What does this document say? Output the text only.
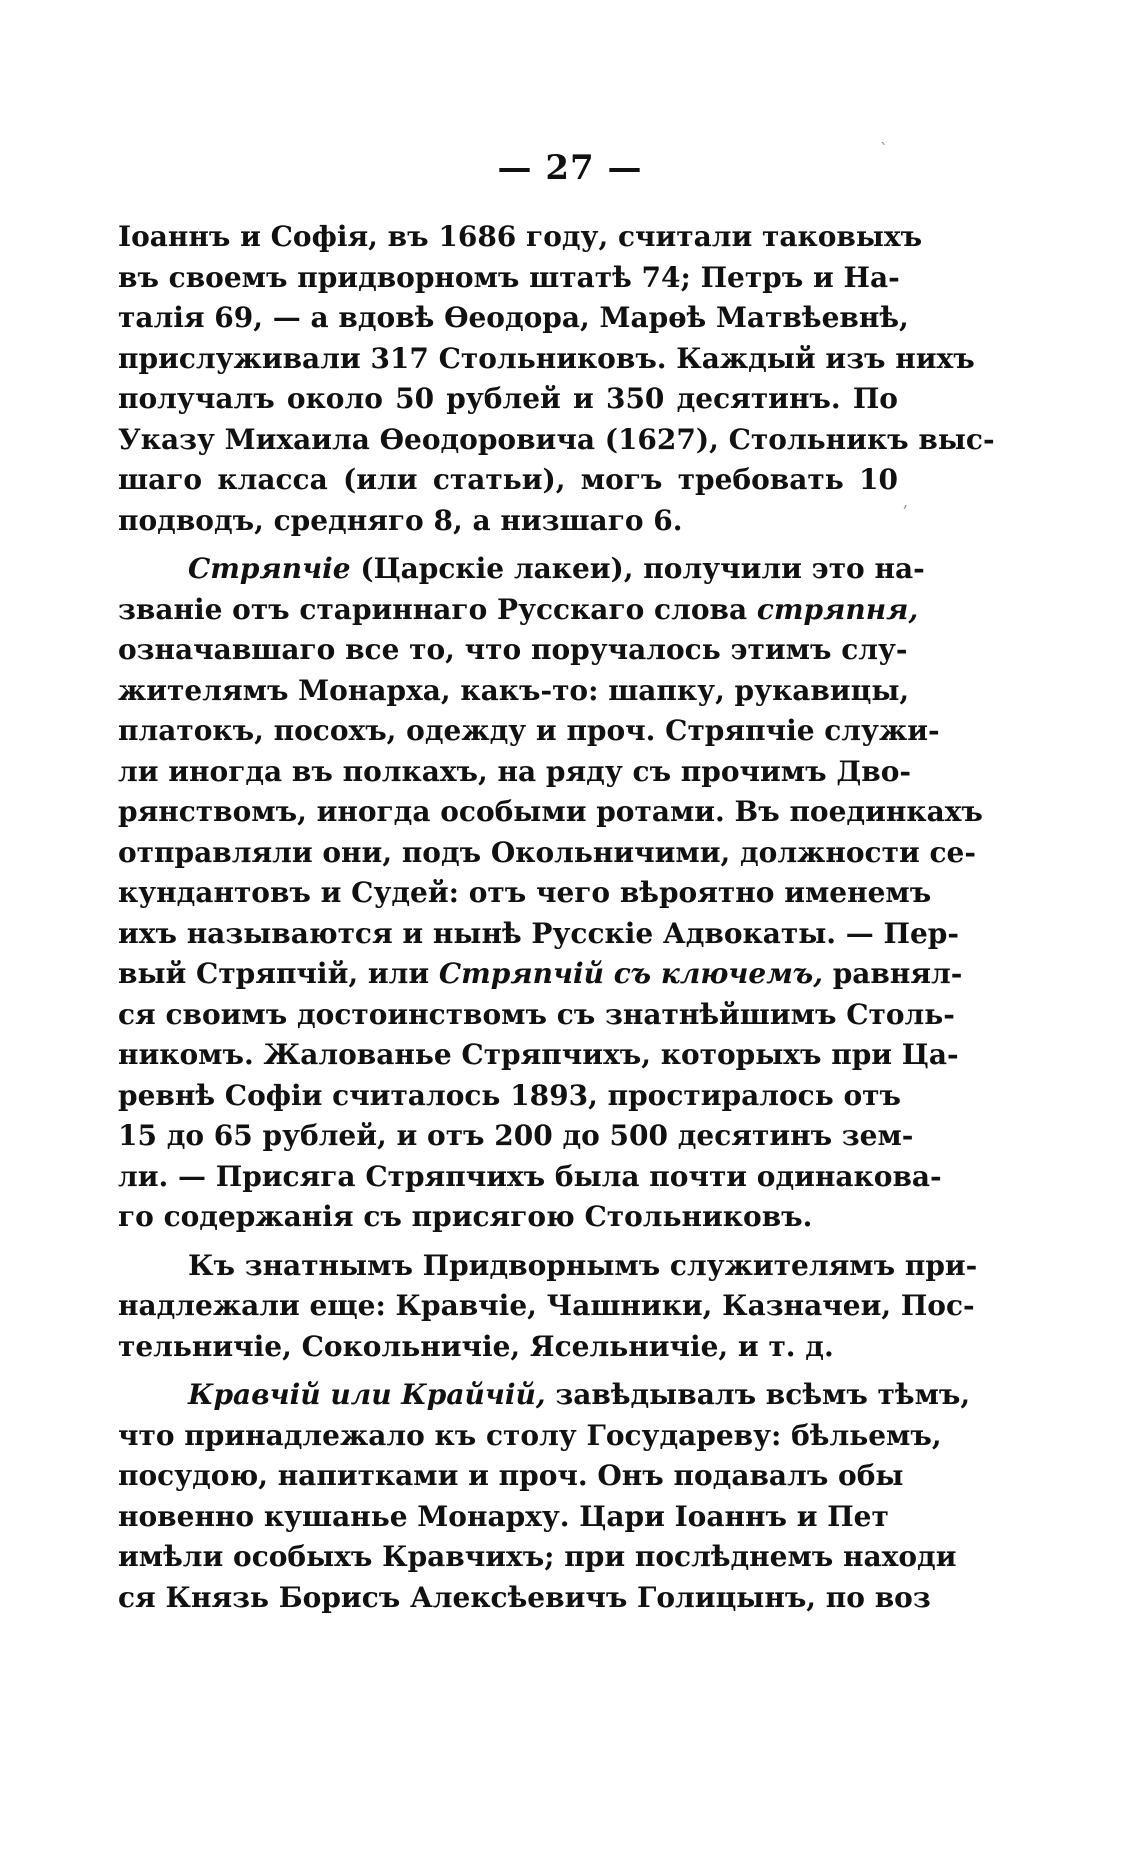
— 27 —
Іоаннъ и Софія, въ 1686 году, считали таковыхъ
въ своемъ придворномъ штатѣ 74; Петръ и На-
талія 69, — а вдовѣ Ѳеодора, Марѳѣ Матвѣевнѣ,
прислуживали 317 Стольниковъ. Каждый изъ нихъ
получалъ около 50 рублей и 350 десятинъ. По
Указу Михаила Ѳеодоровича (1627), Стольникъ выс-
шаго класса (или статьи), могъ требовать 10
подводъ, средняго 8, а низшаго 6.
Стряпчіе (Царскіе лакеи), получили это на-
званіе отъ стариннаго Русскаго слова стряпня,
означавшаго все то, что поручалось этимъ слу-
жителямъ Монарха, какъ-то: шапку, рукавицы,
платокъ, посохъ, одежду и проч. Стряпчіе служи-
ли иногда въ полкахъ, на ряду съ прочимъ Дво-
рянствомъ, иногда особыми ротами. Въ поединкахъ
отправляли они, подъ Окольничими, должности се-
кундантовъ и Судей: отъ чего вѣроятно именемъ
ихъ называются и нынѣ Русскіе Адвокаты. — Пер-
вый Стряпчій, или Стряпчій съ ключемъ, равнял-
ся своимъ достоинствомъ съ знатнѣйшимъ Столь-
никомъ. Жалованье Стряпчихъ, которыхъ при Ца-
ревнѣ Софіи считалось 1893, простиралось отъ
15 до 65 рублей, и отъ 200 до 500 десятинъ зем-
ли. — Присяга Стряпчихъ была почти одинакова-
го содержанія съ присягою Стольниковъ.
Къ знатнымъ Придворнымъ служителямъ при-
надлежали еще: Кравчіе, Чашники, Казначеи, Пос-
тельничіе, Сокольничіе, Ясельничіе, и т. д.
Кравчій или Крайчій, завѣдывалъ всѣмъ тѣмъ,
что принадлежало къ столу Государеву: бѣльемъ,
посудою, напитками и проч. Онъ подавалъ обы
новенно кушанье Монарху. Цари Іоаннъ и Пет
имѣли особыхъ Кравчихъ; при послѣднемъ находи
ся Князь Борисъ Алексѣевичъ Голицынъ, по воз
ˋ
,
